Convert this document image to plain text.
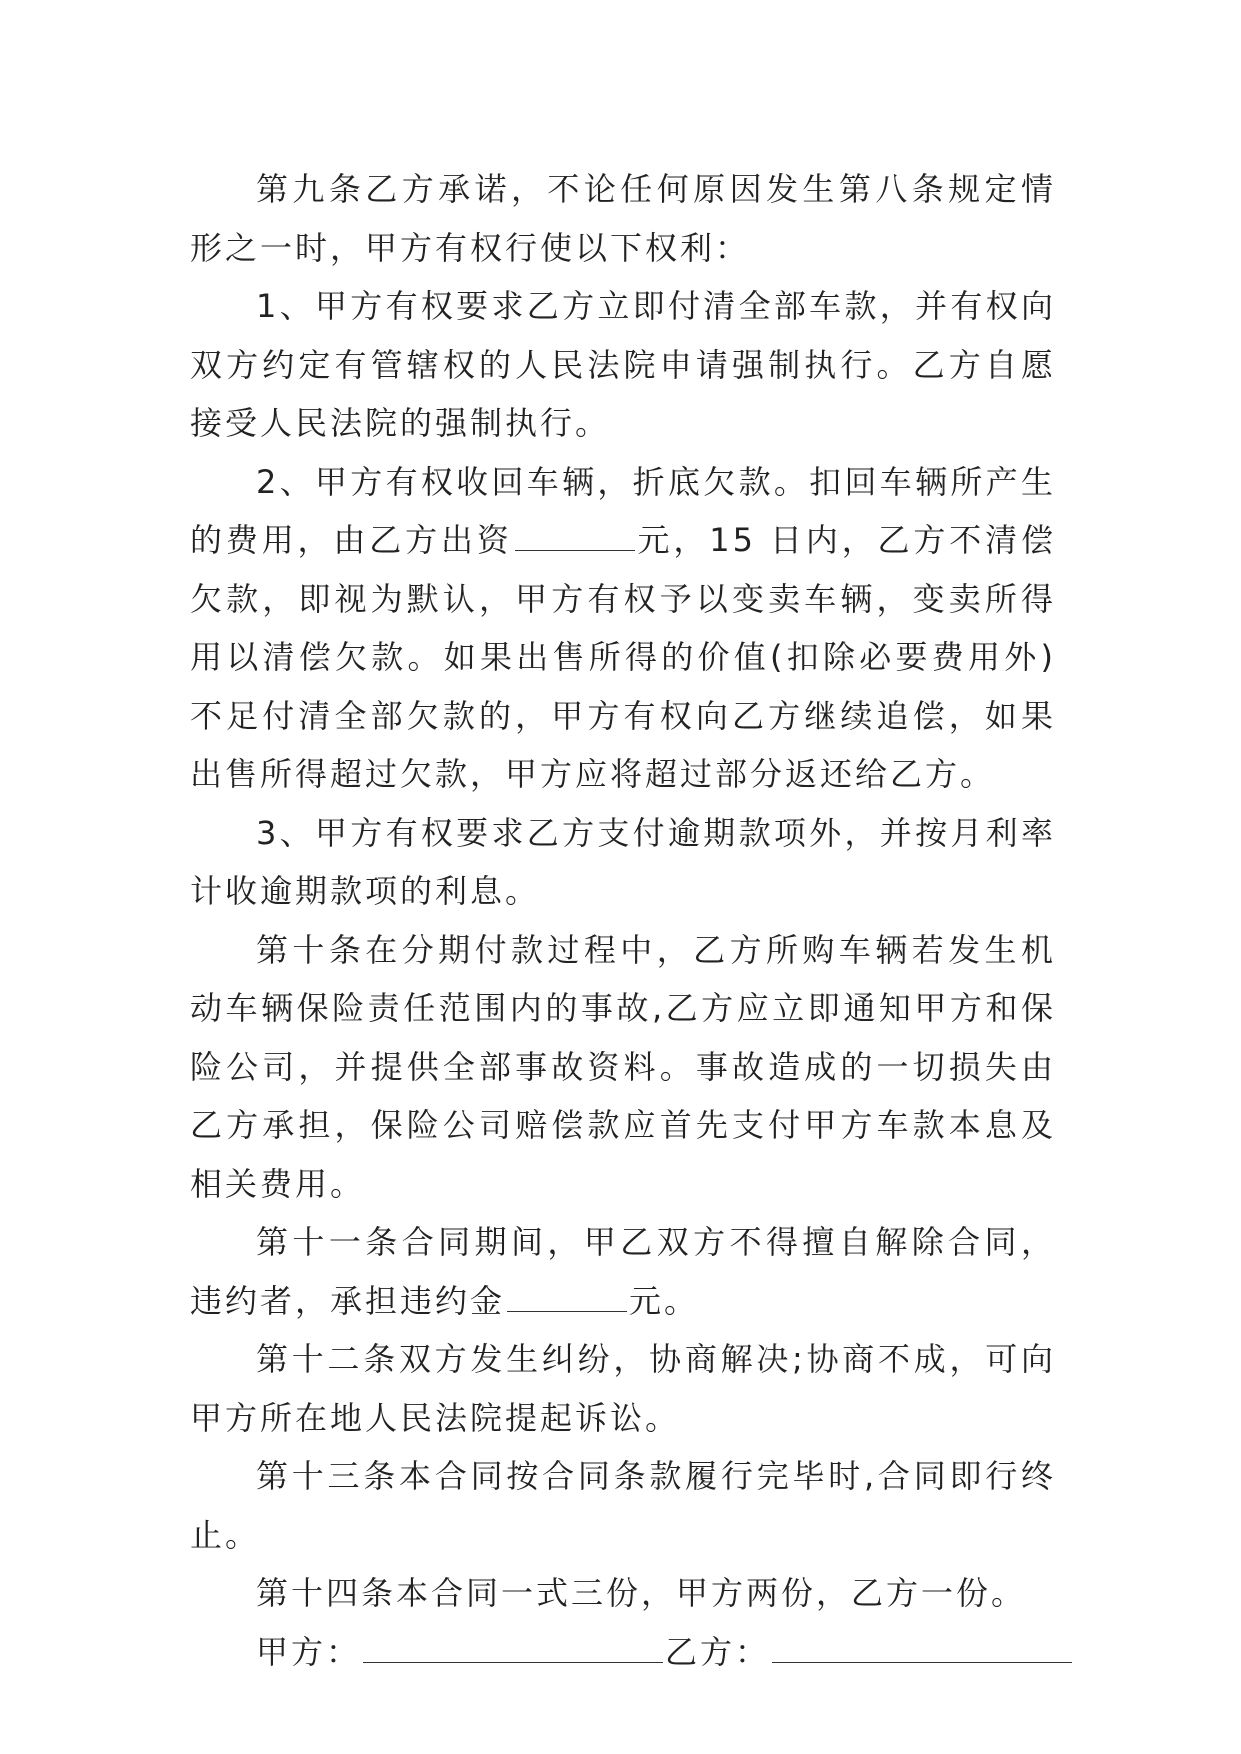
第九条乙方承诺，不论任何原因发生第八条规定情形之一时，甲方有权行使以下权利：

1、甲方有权要求乙方立即付清全部车款，并有权向双方约定有管辖权的人民法院申请强制执行。乙方自愿接受人民法院的强制执行。

2、甲方有权收回车辆，折底欠款。扣回车辆所产生的费用，由乙方出资	元，15 日内，乙方不清偿欠款，即视为默认，甲方有权予以变卖车辆，变卖所得用以清偿欠款。如果出售所得的价值(扣除必要费用外)不足付清全部欠款的，甲方有权向乙方继续追偿，如果出售所得超过欠款，甲方应将超过部分返还给乙方。

3、甲方有权要求乙方支付逾期款项外，并按月利率计收逾期款项的利息。

第十条在分期付款过程中，乙方所购车辆若发生机动车辆保险责任范围内的事故,乙方应立即通知甲方和保险公司，并提供全部事故资料。事故造成的一切损失由乙方承担，保险公司赔偿款应首先支付甲方车款本息及相关费用。

第十一条合同期间，甲乙双方不得擅自解除合同，违约者，承担违约金	元。

第十二条双方发生纠纷，协商解决;协商不成，可向甲方所在地人民法院提起诉讼。

第十三条本合同按合同条款履行完毕时,合同即行终止。

第十四条本合同一式三份，甲方两份，乙方一份。

甲方：	乙方：
